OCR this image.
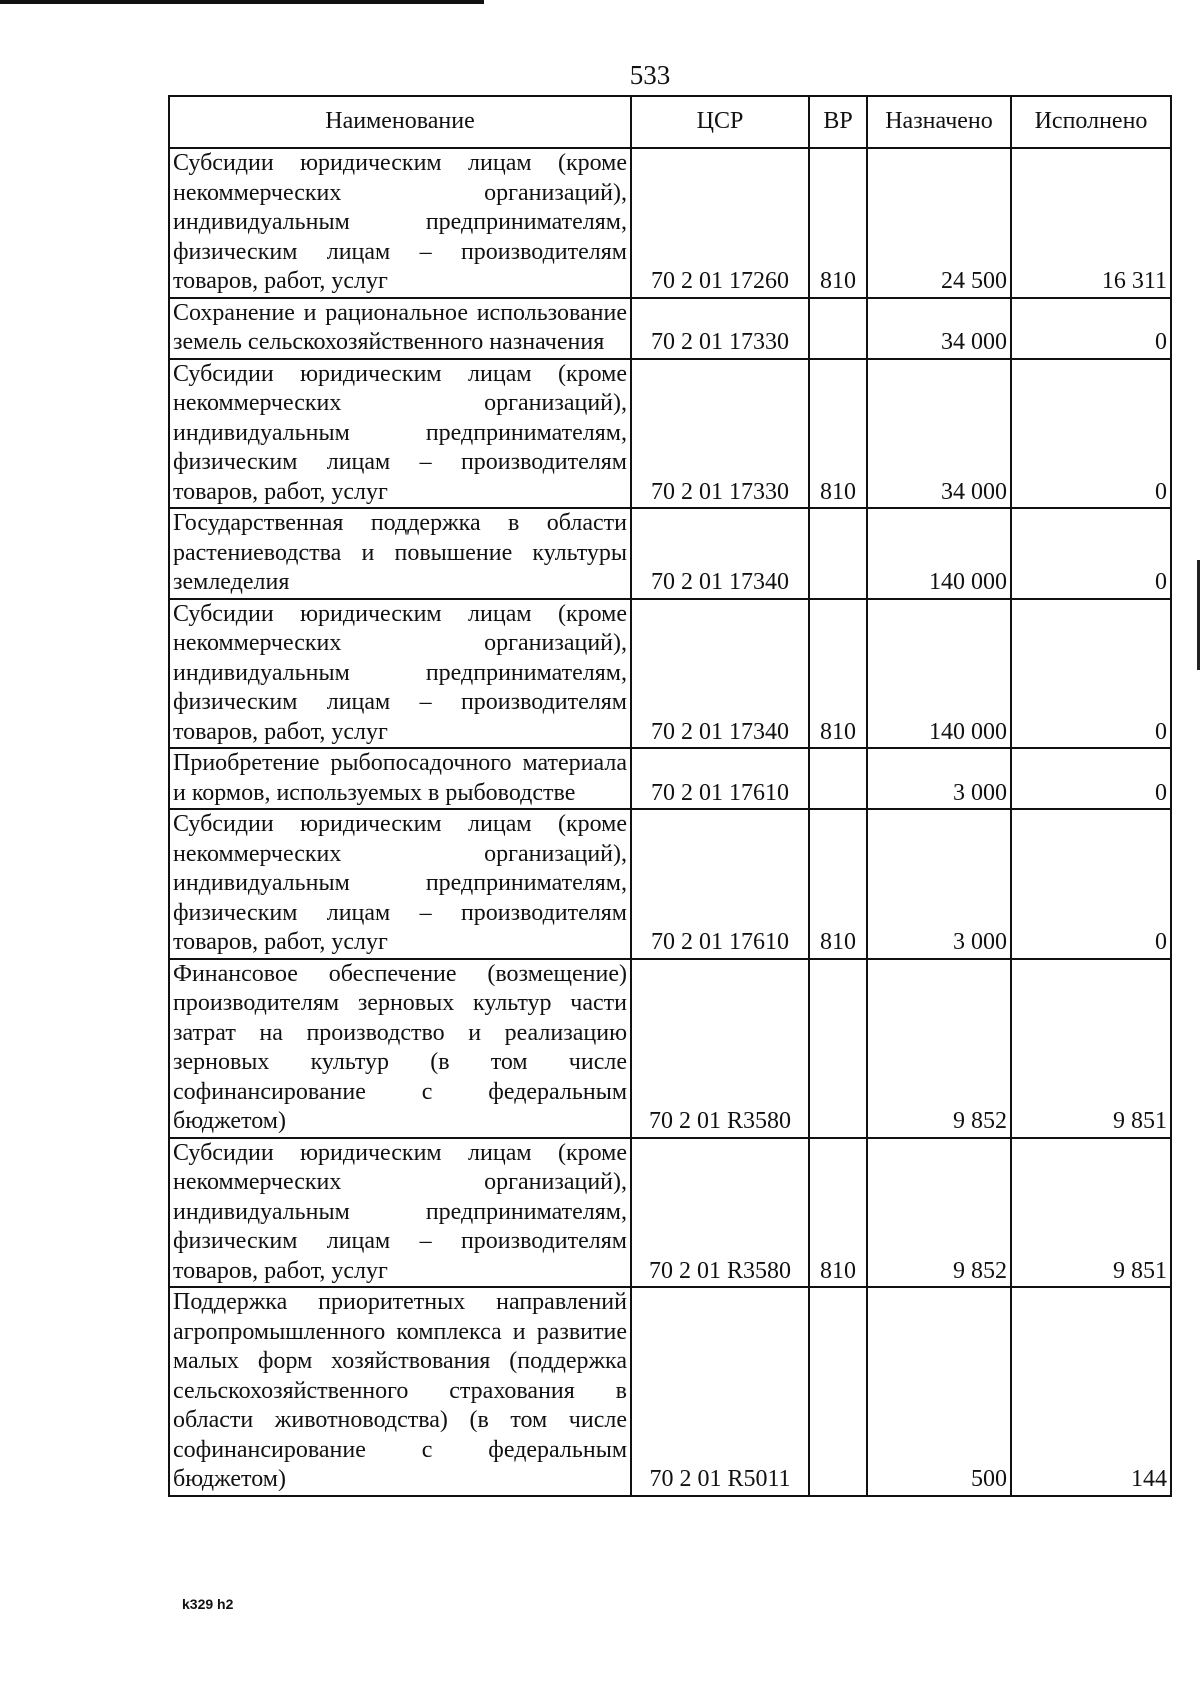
533
Наименование	ЦСР	ВР	Назначено	Исполнено
Субсидии юридическим лицам (кроме некоммерческих организаций), индивидуальным предпринимателям, физическим лицам – производителям товаров, работ, услуг	70 2 01 17260	810	24 500	16 311
Сохранение и рациональное использование земель сельскохозяйственного назначения	70 2 01 17330		34 000	0
Субсидии юридическим лицам (кроме некоммерческих организаций), индивидуальным предпринимателям, физическим лицам – производителям товаров, работ, услуг	70 2 01 17330	810	34 000	0
Государственная поддержка в области растениеводства и повышение культуры земледелия	70 2 01 17340		140 000	0
Субсидии юридическим лицам (кроме некоммерческих организаций), индивидуальным предпринимателям, физическим лицам – производителям товаров, работ, услуг	70 2 01 17340	810	140 000	0
Приобретение рыбопосадочного материала и кормов, используемых в рыбоводстве	70 2 01 17610		3 000	0
Субсидии юридическим лицам (кроме некоммерческих организаций), индивидуальным предпринимателям, физическим лицам – производителям товаров, работ, услуг	70 2 01 17610	810	3 000	0
Финансовое обеспечение (возмещение) производителям зерновых культур части затрат на производство и реализацию зерновых культур (в том числе софинансирование с федеральным бюджетом)	70 2 01 R3580		9 852	9 851
Субсидии юридическим лицам (кроме некоммерческих организаций), индивидуальным предпринимателям, физическим лицам – производителям товаров, работ, услуг	70 2 01 R3580	810	9 852	9 851
Поддержка приоритетных направлений агропромышленного комплекса и развитие малых форм хозяйствования (поддержка сельскохозяйственного страхования в области животноводства) (в том числе софинансирование с федеральным бюджетом)	70 2 01 R5011		500	144
k329 h2
